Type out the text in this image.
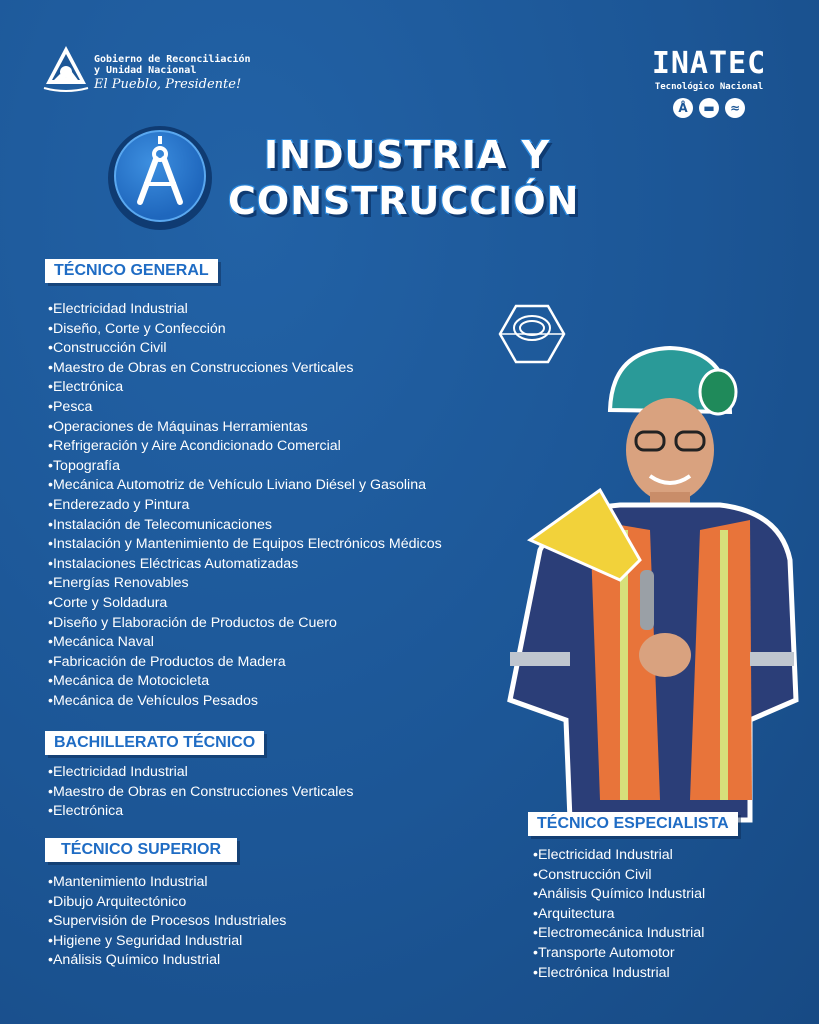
Gobierno de Reconciliación
y Unidad Nacional
El Pueblo, Presidente!
INATEC
Tecnológico Nacional
Å	▬	≈
INDUSTRIA Y
CONSTRUCCIÓN
TÉCNICO GENERAL
• Electricidad Industrial
• Diseño, Corte y Confección
• Construcción Civil
• Maestro de Obras en Construcciones Verticales
• Electrónica
• Pesca
• Operaciones de Máquinas Herramientas
• Refrigeración y Aire Acondicionado Comercial
• Topografía
• Mecánica Automotriz de Vehículo Liviano Diésel y Gasolina
• Enderezado y Pintura
• Instalación de Telecomunicaciones
• Instalación y Mantenimiento de Equipos Electrónicos Médicos
• Instalaciones Eléctricas Automatizadas
• Energías Renovables
• Corte y Soldadura
• Diseño y Elaboración de Productos de Cuero
• Mecánica Naval
• Fabricación de Productos de Madera
• Mecánica de Motocicleta
• Mecánica de Vehículos Pesados
BACHILLERATO TÉCNICO
• Electricidad Industrial
• Maestro de Obras en Construcciones Verticales
• Electrónica
TÉCNICO SUPERIOR
• Mantenimiento Industrial
• Dibujo Arquitectónico
• Supervisión de Procesos Industriales
• Higiene y Seguridad Industrial
• Análisis Químico Industrial
TÉCNICO ESPECIALISTA
• Electricidad Industrial
• Construcción Civil
• Análisis Químico Industrial
• Arquitectura
• Electromecánica Industrial
• Transporte Automotor
• Electrónica Industrial
